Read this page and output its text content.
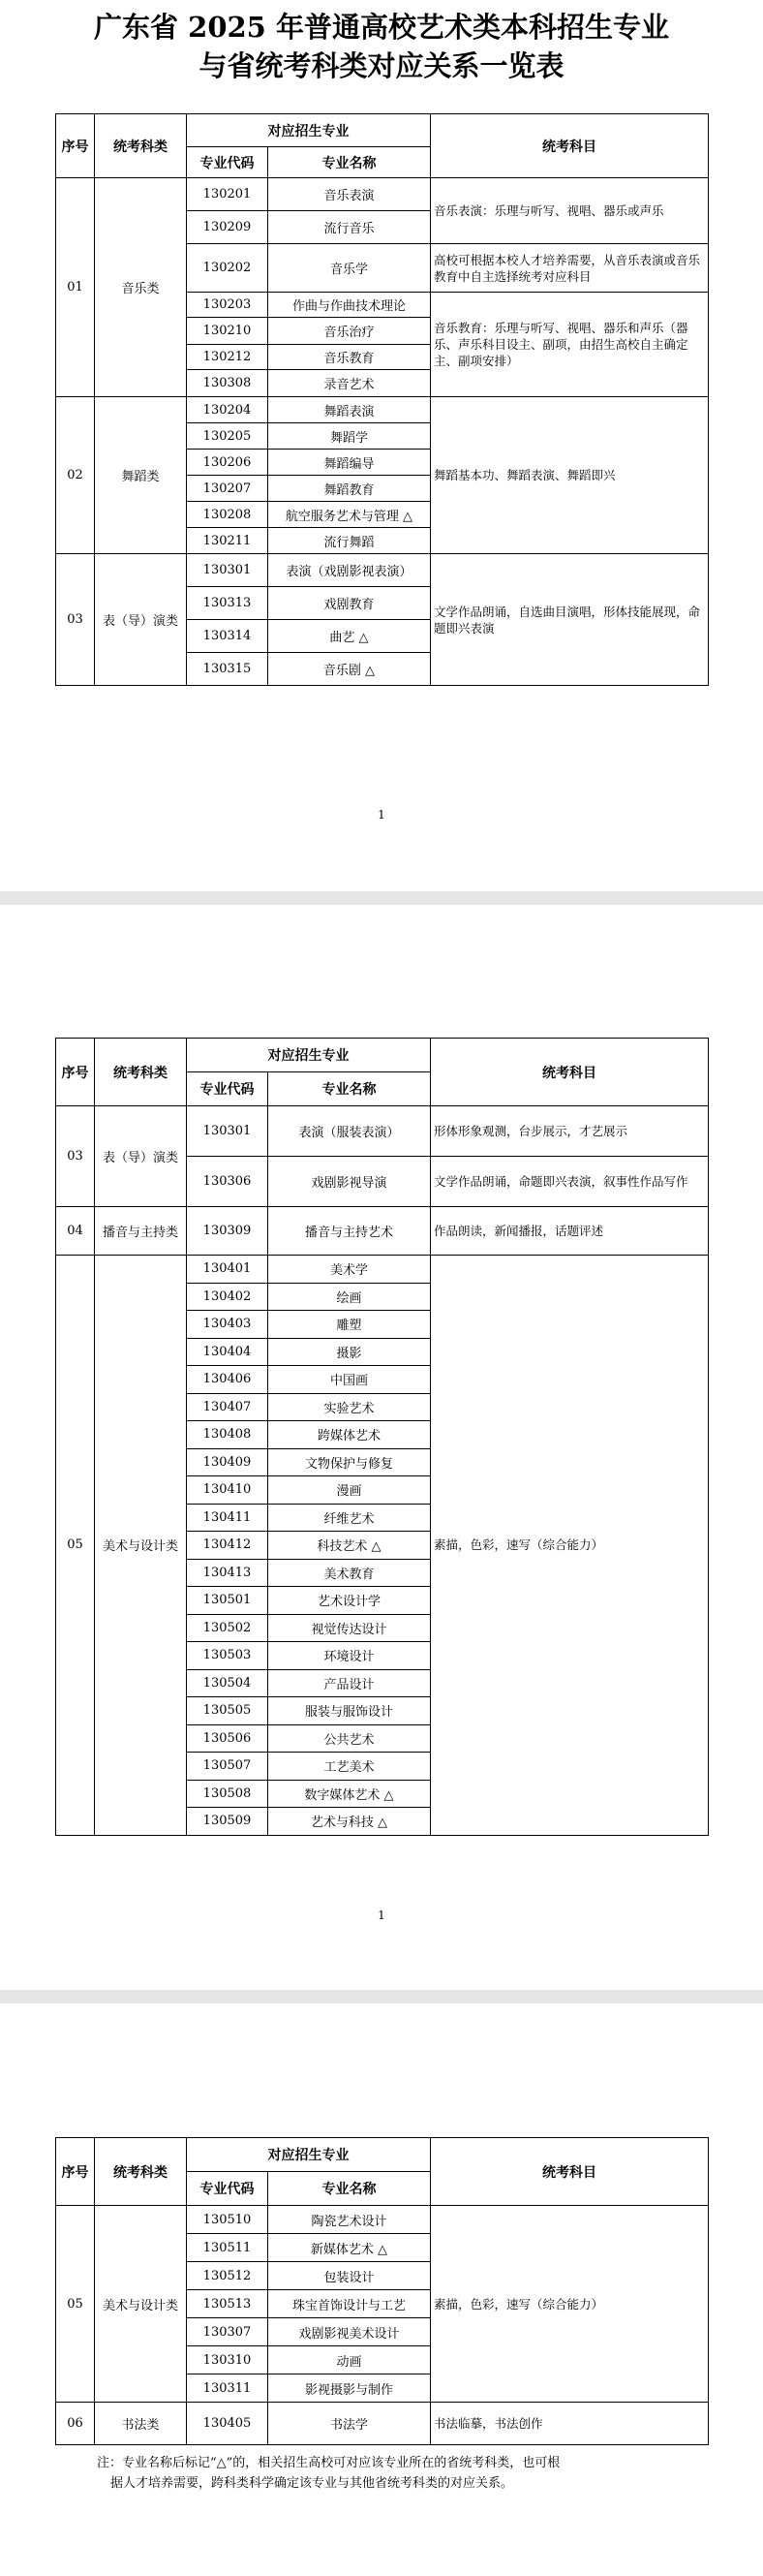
广东省 2025 年普通高校艺术类本科招生专业
与省统考科类对应关系一览表
序号	统考科类	对应招生专业		统考科目
		专业代码	专业名称	
01	音乐类	130201	音乐表演	音乐表演：乐理与听写、视唱、器乐或声乐
		130209	流行音乐	
		130202	音乐学	高校可根据本校人才培养需要，从音乐表演或音乐教育中自主选择统考对应科目
		130203	作曲与作曲技术理论	音乐教育：乐理与听写、视唱、器乐和声乐（器乐、声乐科目设主、副项，由招生高校自主确定主、副项安排）
		130210	音乐治疗	
		130212	音乐教育	
		130308	录音艺术	
02	舞蹈类	130204	舞蹈表演	舞蹈基本功、舞蹈表演、舞蹈即兴
		130205	舞蹈学	
		130206	舞蹈编导	
		130207	舞蹈教育	
		130208	航空服务艺术与管理 △	
		130211	流行舞蹈	
03	表（导）演类	130301	表演（戏剧影视表演）	文学作品朗诵，自选曲目演唱，形体技能展现，命题即兴表演
		130313	戏剧教育	
		130314	曲艺 △	
		130315	音乐剧 △	
1
序号	统考科类	对应招生专业		统考科目
		专业代码	专业名称	
03	表（导）演类	130301	表演（服装表演）	形体形象观测，台步展示，才艺展示
		130306	戏剧影视导演	文学作品朗诵，命题即兴表演，叙事性作品写作
04	播音与主持类	130309	播音与主持艺术	作品朗读，新闻播报，话题评述
05	美术与设计类	130401	美术学	素描，色彩，速写（综合能力）
		130402	绘画	
		130403	雕塑	
		130404	摄影	
		130406	中国画	
		130407	实验艺术	
		130408	跨媒体艺术	
		130409	文物保护与修复	
		130410	漫画	
		130411	纤维艺术	
		130412	科技艺术 △	
		130413	美术教育	
		130501	艺术设计学	
		130502	视觉传达设计	
		130503	环境设计	
		130504	产品设计	
		130505	服装与服饰设计	
		130506	公共艺术	
		130507	工艺美术	
		130508	数字媒体艺术 △	
		130509	艺术与科技 △	
1
序号	统考科类	对应招生专业		统考科目
		专业代码	专业名称	
05	美术与设计类	130510	陶瓷艺术设计	素描，色彩，速写（综合能力）
		130511	新媒体艺术 △	
		130512	包装设计	
		130513	珠宝首饰设计与工艺	
		130307	戏剧影视美术设计	
		130310	动画	
		130311	影视摄影与制作	
06	书法类	130405	书法学	书法临摹，书法创作
注：专业名称后标记“△”的，相关招生高校可对应该专业所在的省统考科类，也可根
据人才培养需要，跨科类科学确定该专业与其他省统考科类的对应关系。
